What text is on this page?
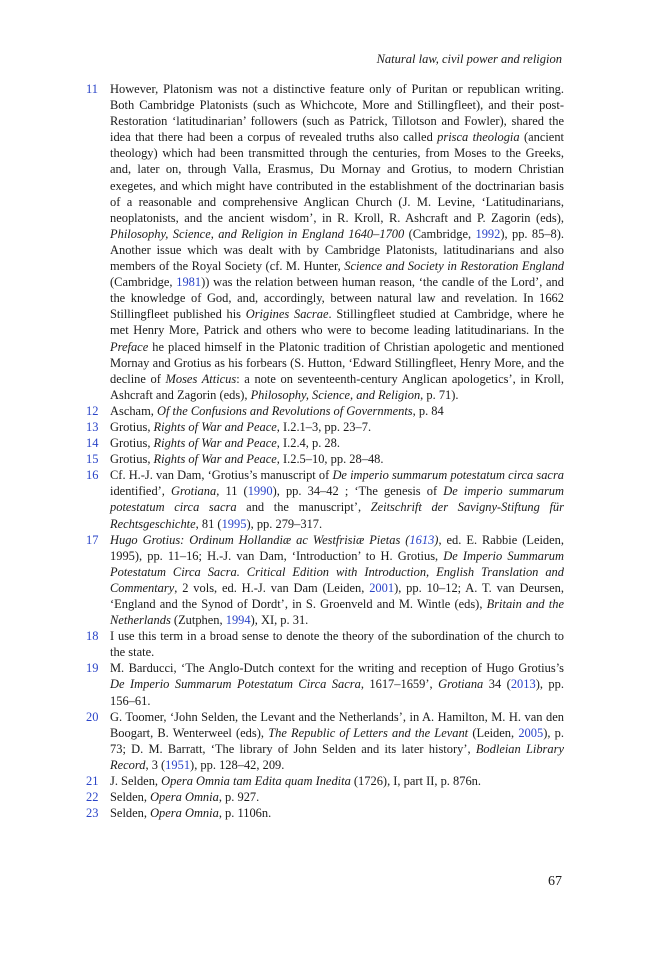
Natural law, civil power and religion
11 However, Platonism was not a distinctive feature only of Puritan or republican writing. Both Cambridge Platonists (such as Whichcote, More and Stillingfleet), and their post-Restoration ‘latitudinarian’ followers (such as Patrick, Tillotson and Fowler), shared the idea that there had been a corpus of revealed truths also called prisca theologia (ancient theology) which had been transmitted through the centuries, from Moses to the Greeks, and, later on, through Valla, Erasmus, Du Mornay and Grotius, to modern Christian exegetes, and which might have contributed in the establishment of the doctrinarian basis of a reasonable and comprehensive Anglican Church (J. M. Levine, ‘Latitudinarians, neoplatonists, and the ancient wisdom’, in R. Kroll, R. Ashcraft and P. Zagorin (eds), Philosophy, Science, and Religion in England 1640–1700 (Cambridge, 1992), pp. 85–8). Another issue which was dealt with by Cambridge Platonists, latitudinarians and also members of the Royal Society (cf. M. Hunter, Science and Society in Restoration England (Cambridge, 1981)) was the relation between human reason, ‘the candle of the Lord’, and the knowledge of God, and, accordingly, between natural law and revelation. In 1662 Stillingfleet published his Origines Sacrae. Stillingfleet studied at Cambridge, where he met Henry More, Patrick and others who were to become leading latitudinarians. In the Preface he placed himself in the Platonic tradition of Christian apologetic and mentioned Mornay and Grotius as his forbears (S. Hutton, ‘Edward Stillingfleet, Henry More, and the decline of Moses Atticus: a note on seventeenth-century Anglican apologetics’, in Kroll, Ashcraft and Zagorin (eds), Philosophy, Science, and Religion, p. 71).
12 Ascham, Of the Confusions and Revolutions of Governments, p. 84
13 Grotius, Rights of War and Peace, I.2.1–3, pp. 23–7.
14 Grotius, Rights of War and Peace, I.2.4, p. 28.
15 Grotius, Rights of War and Peace, I.2.5–10, pp. 28–48.
16 Cf. H.-J. van Dam, ‘Grotius’s manuscript of De imperio summarum potestatum circa sacra identified’, Grotiana, 11 (1990), pp. 34–42 ; ‘The genesis of De imperio summarum potestatum circa sacra and the manuscript’, Zeitschrift der Savigny-Stiftung für Rechtsgeschichte, 81 (1995), pp. 279–317.
17 Hugo Grotius: Ordinum Hollandiæ ac Westfrisiæ Pietas (1613), ed. E. Rabbie (Leiden, 1995), pp. 11–16; H.-J. van Dam, ‘Introduction’ to H. Grotius, De Imperio Summarum Potestatum Circa Sacra. Critical Edition with Introduction, English Translation and Commentary, 2 vols, ed. H.-J. van Dam (Leiden, 2001), pp. 10–12; A. T. van Deursen, ‘England and the Synod of Dordt’, in S. Groenveld and M. Wintle (eds), Britain and the Netherlands (Zutphen, 1994), XI, p. 31.
18 I use this term in a broad sense to denote the theory of the subordination of the church to the state.
19 M. Barducci, ‘The Anglo-Dutch context for the writing and reception of Hugo Grotius’s De Imperio Summarum Potestatum Circa Sacra, 1617–1659’, Grotiana 34 (2013), pp. 156–61.
20 G. Toomer, ‘John Selden, the Levant and the Netherlands’, in A. Hamilton, M. H. van den Boogart, B. Wenterweel (eds), The Republic of Letters and the Levant (Leiden, 2005), p. 73; D. M. Barratt, ‘The library of John Selden and its later history’, Bodleian Library Record, 3 (1951), pp. 128–42, 209.
21 J. Selden, Opera Omnia tam Edita quam Inedita (1726), I, part II, p. 876n.
22 Selden, Opera Omnia, p. 927.
23 Selden, Opera Omnia, p. 1106n.
67
